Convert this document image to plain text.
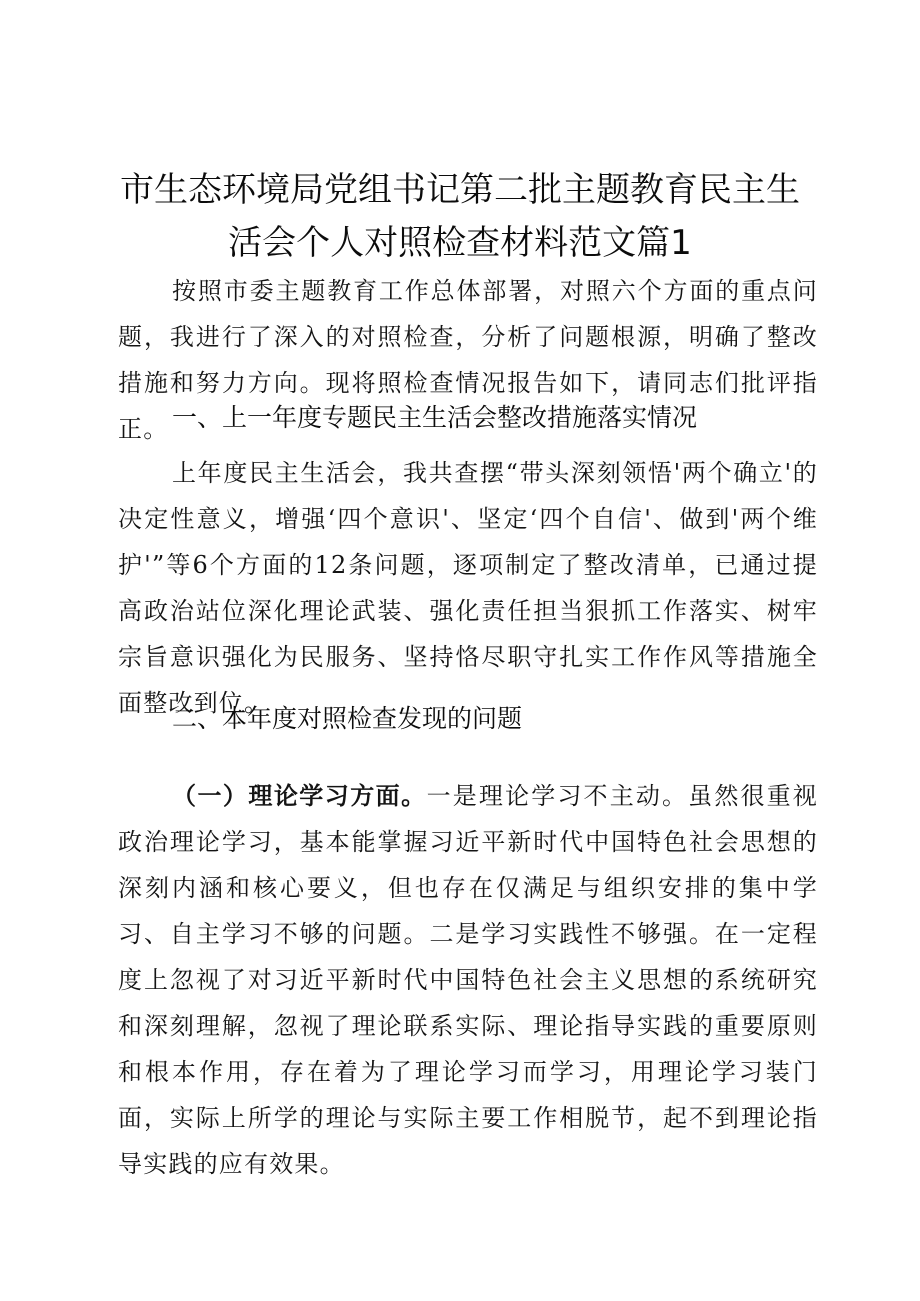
市生态环境局党组书记第二批主题教育民主生
活会个人对照检查材料范文篇1

按照市委主题教育工作总体部署，对照六个方面的重点问题，我进行了深入的对照检查，分析了问题根源，明确了整改措施和努力方向。现将照检查情况报告如下，请同志们批评指正。 一、上一年度专题民主生活会整改措施落实情况

上年度民主生活会，我共查摆“带头深刻领悟'两个确立'的决定性意义，增强‘四个意识'、坚定‘四个自信'、做到'两个维护'”等6个方面的12条问题，逐项制定了整改清单，已通过提高政治站位深化理论武装、强化责任担当狠抓工作落实、树牢宗旨意识强化为民服务、坚持恪尽职守扎实工作作风等措施全面整改到位。

二、本年度对照检查发现的问题

（一）理论学习方面。一是理论学习不主动。虽然很重视政治理论学习，基本能掌握习近平新时代中国特色社会思想的深刻内涵和核心要义，但也存在仅满足与组织安排的集中学习、自主学习不够的问题。二是学习实践性不够强。在一定程度上忽视了对习近平新时代中国特色社会主义思想的系统研究和深刻理解，忽视了理论联系实际、理论指导实践的重要原则和根本作用，存在着为了理论学习而学习，用理论学习装门面，实际上所学的理论与实际主要工作相脱节，起不到理论指导实践的应有效果。
